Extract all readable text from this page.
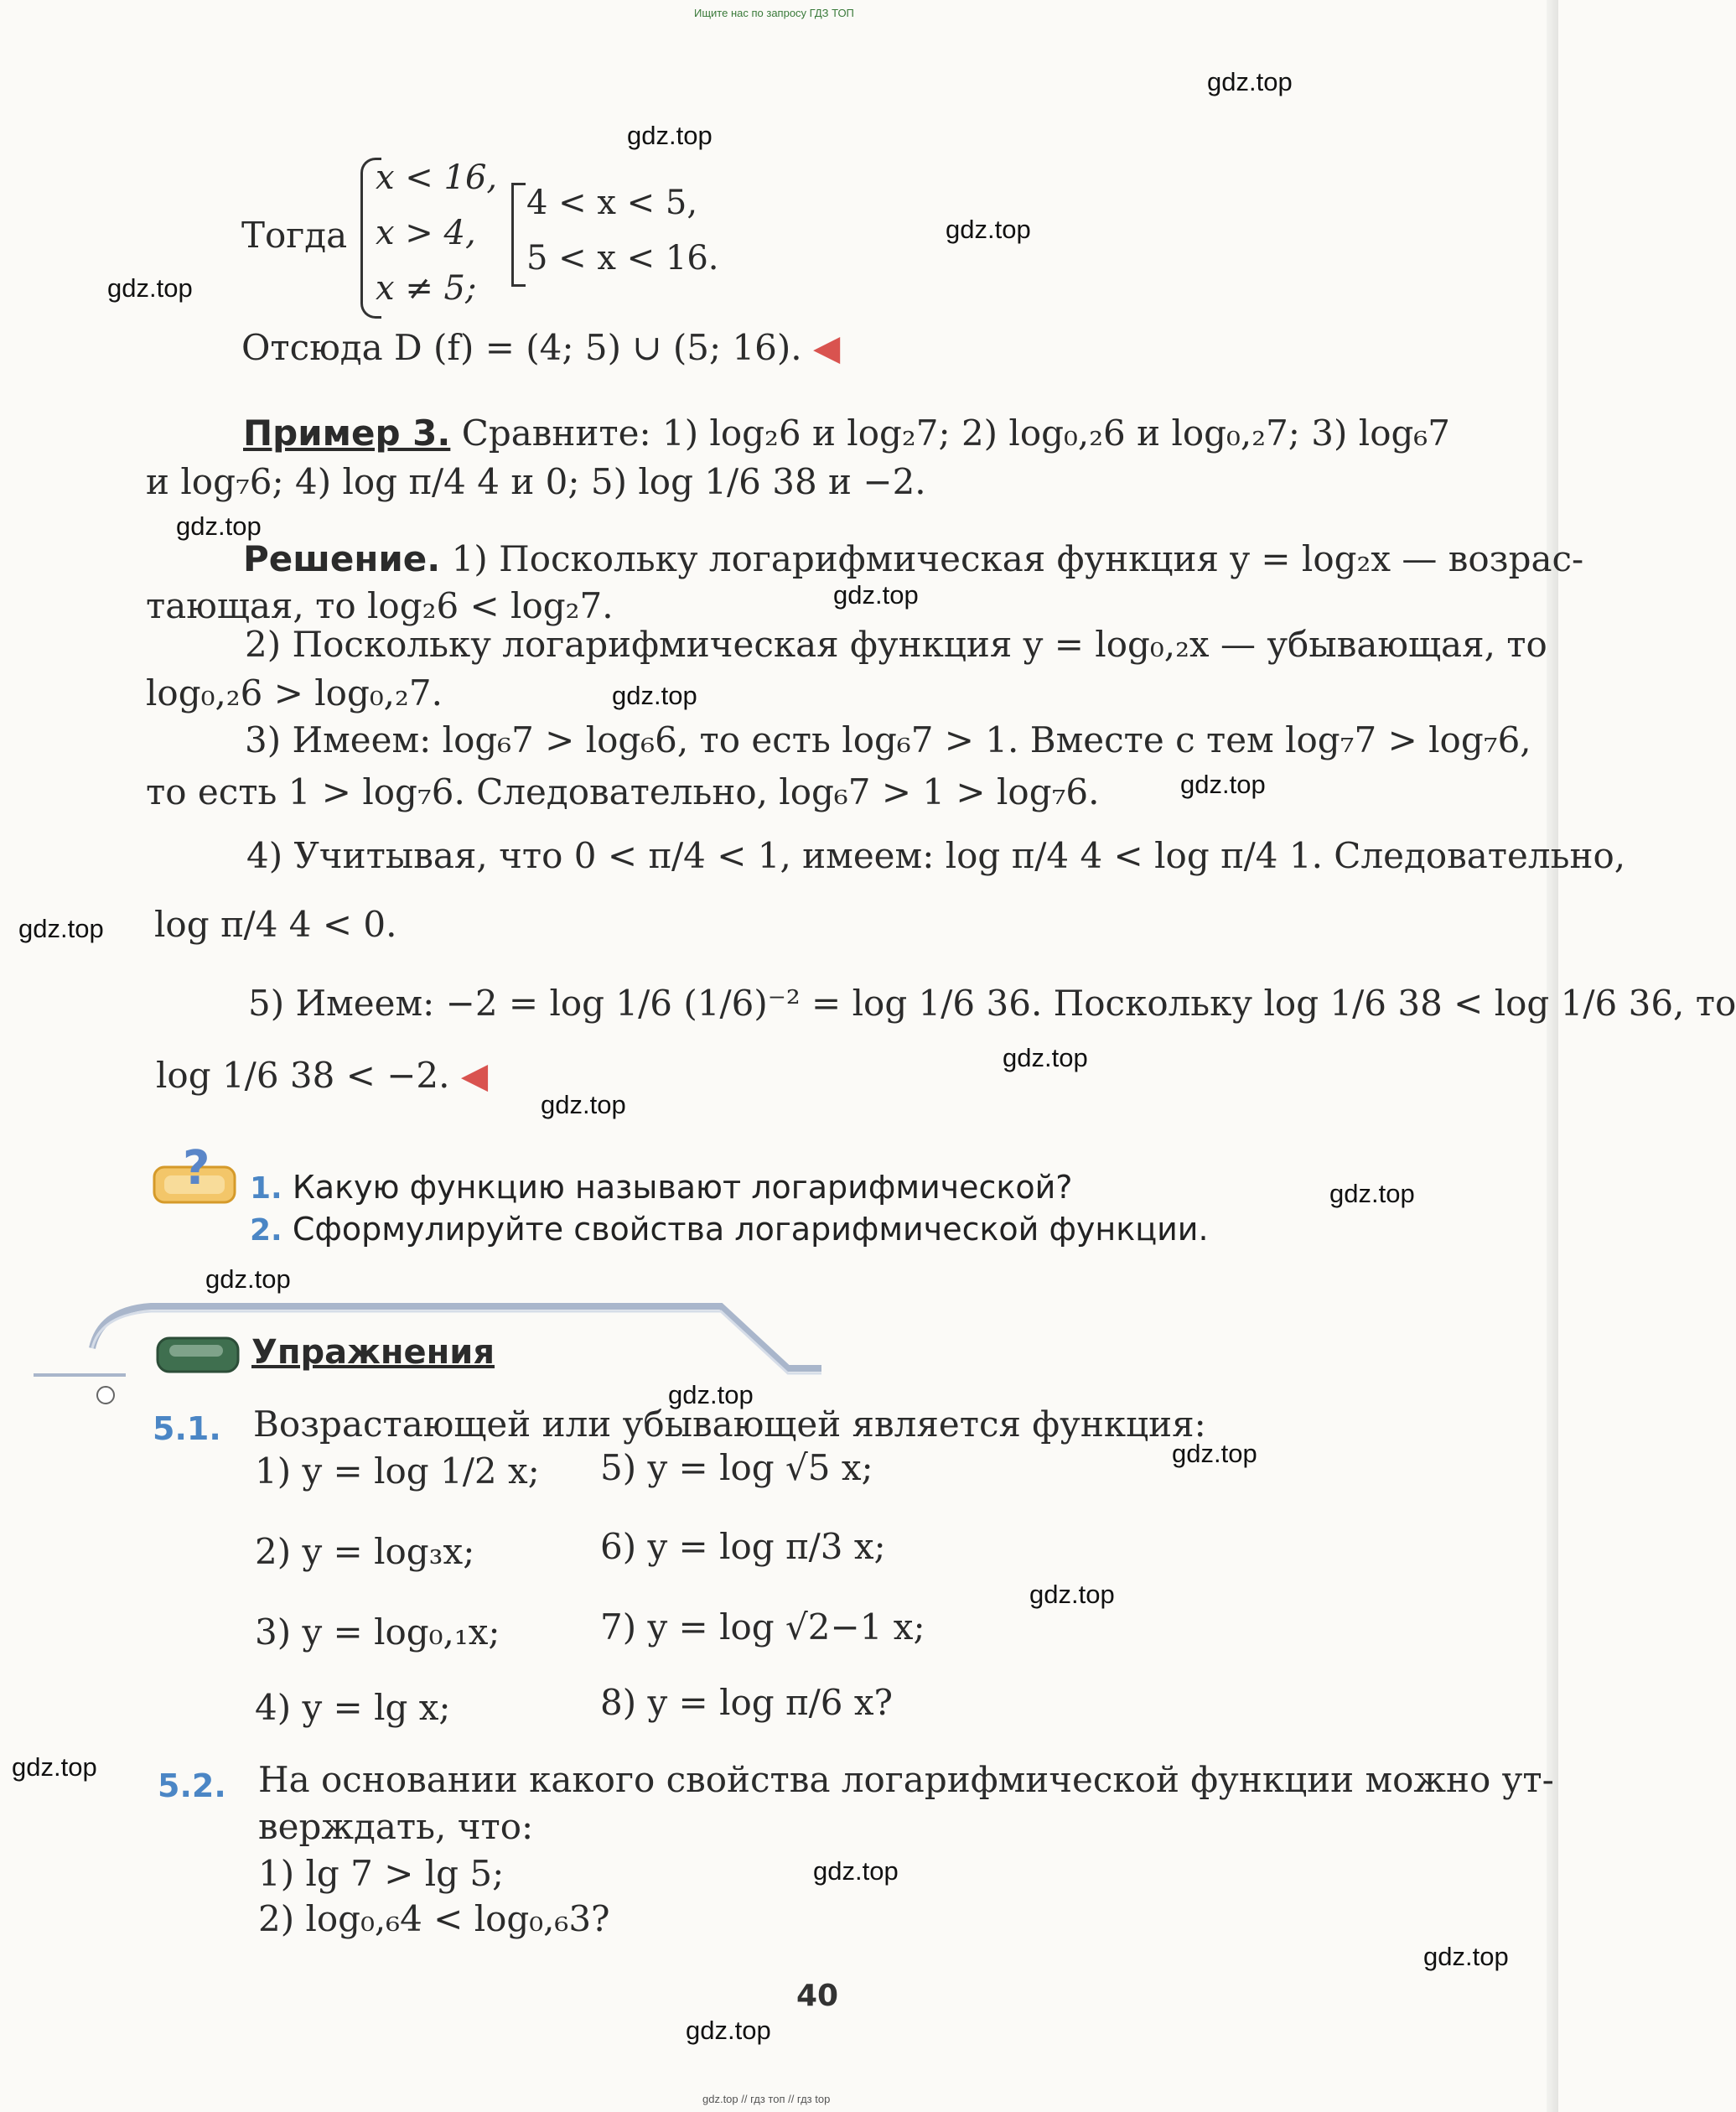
Ищите нас по запросу ГДЗ ТОП
gdz.top
gdz.top
gdz.top
gdz.top
gdz.top
gdz.top
gdz.top
gdz.top
gdz.top
gdz.top
gdz.top
gdz.top
gdz.top
gdz.top
gdz.top
gdz.top
gdz.top
gdz.top
gdz.top
gdz.top
Тогда
x < 16,
x > 4,
x ≠ 5;
4 < x < 5,
5 < x < 16.
Отсюда D (f) = (4; 5) ∪ (5; 16). ◀
Пример 3. Сравните: 1) log₂6 и log₂7; 2) log₀,₂6 и log₀,₂7; 3) log₆7
и log₇6; 4) log π/4 4 и 0; 5) log 1/6 38 и −2.
Решение. 1) Поскольку логарифмическая функция y = log₂x — возрас-
тающая, то log₂6 < log₂7.
2) Поскольку логарифмическая функция y = log₀,₂x — убывающая, то
log₀,₂6 > log₀,₂7.
3) Имеем: log₆7 > log₆6, то есть log₆7 > 1. Вместе с тем log₇7 > log₇6,
то есть 1 > log₇6. Следовательно, log₆7 > 1 > log₇6.
4) Учитывая, что 0 < π/4 < 1, имеем: log π/4 4 < log π/4 1. Следовательно,
log π/4 4 < 0.
5) Имеем: −2 = log 1/6 (1/6)⁻² = log 1/6 36. Поскольку log 1/6 38 < log 1/6 36, то
log 1/6 38 < −2. ◀
? 1. Какую функцию называют логарифмической?
2. Сформулируйте свойства логарифмической функции.
Упражнения
5.1. Возрастающей или убывающей является функция:
1) y = log 1/2 x;
2) y = log₃x;
3) y = log₀,₁x;
4) y = lg x;
5) y = log √5 x;
6) y = log π/3 x;
7) y = log √2−1 x;
8) y = log π/6 x?
5.2. На основании какого свойства логарифмической функции можно ут-
верждать, что:
1) lg 7 > lg 5;
2) log₀,₆4 < log₀,₆3?
40
gdz.top // гдз топ // гдз top
